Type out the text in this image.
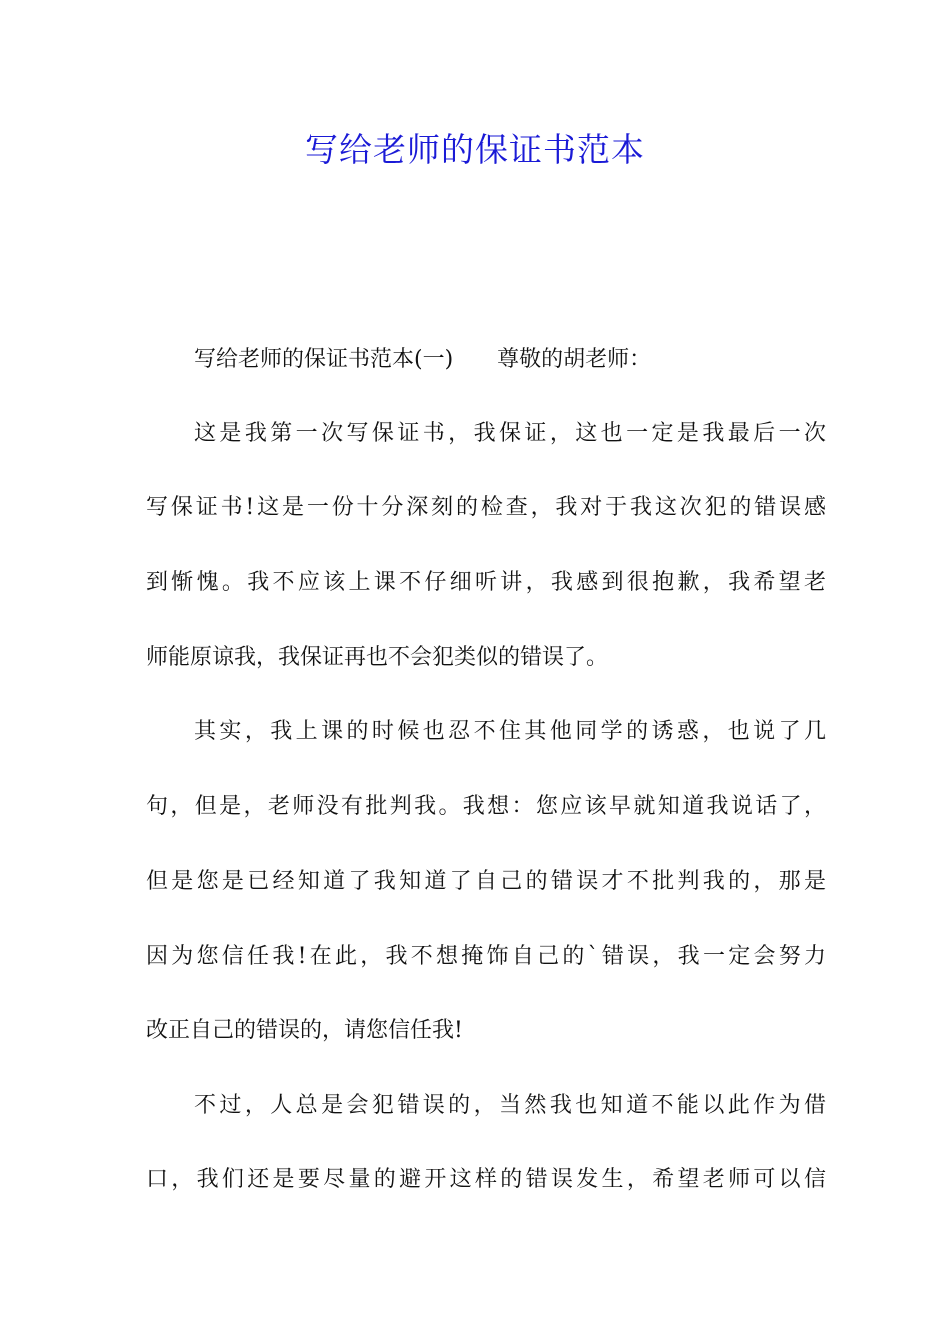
写给老师的保证书范本
写给老师的保证书范本(一) 尊敬的胡老师：
这是我第一次写保证书，我保证，这也一定是我最后一次
写保证书!这是一份十分深刻的检查，我对于我这次犯的错误感
到惭愧。我不应该上课不仔细听讲，我感到很抱歉，我希望老
师能原谅我，我保证再也不会犯类似的错误了。
其实，我上课的时候也忍不住其他同学的诱惑，也说了几
句，但是，老师没有批判我。我想：您应该早就知道我说话了，
但是您是已经知道了我知道了自己的错误才不批判我的，那是
因为您信任我!在此，我不想掩饰自己的`错误，我一定会努力
改正自己的错误的，请您信任我!
不过，人总是会犯错误的，当然我也知道不能以此作为借
口，我们还是要尽量的避开这样的错误发生，希望老师可以信
